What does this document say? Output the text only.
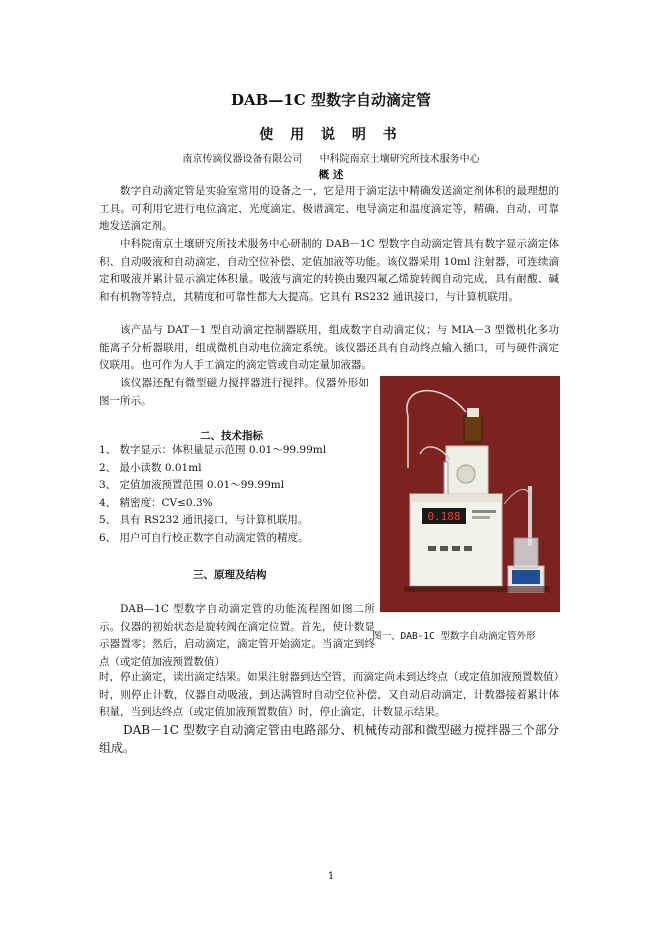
DAB—1C 型数字自动滴定管
使 用 说 明 书
南京传滴仪器设备有限公司 中科院南京土壤研究所技术服务中心
概 述
数字自动滴定管是实验室常用的设备之一，它是用于滴定法中精确发送滴定剂体积的最理想的工具。可利用它进行电位滴定、光度滴定、极谱滴定、电导滴定和温度滴定等，精确、自动、可靠地发送滴定剂。
中科院南京土壤研究所技术服务中心研制的 DAB－1C 型数字自动滴定管具有数字显示滴定体积、自动吸液和自动滴定、自动空位补偿、定值加液等功能。该仪器采用 10ml 注射器，可连续滴定和吸液并累计显示滴定体积量。吸液与滴定的转换由聚四氟乙烯旋转阀自动完成，具有耐酸、碱和有机物等特点，其精度和可靠性都大大提高。它具有 RS232 通讯接口，与计算机联用。
该产品与 DAT－1 型自动滴定控制器联用，组成数字自动滴定仪；与 MIA－3 型微机化多功能离子分析器联用，组成微机自动电位滴定系统。该仪器还具有自动终点输入插口，可与硬件滴定仪联用。也可作为人手工滴定的滴定管或自动定量加液器。
该仪器还配有微型磁力搅拌器进行搅拌。仪器外形如图一所示。
二、技术指标
1、 数字显示：体积量显示范围 0.01～99.99ml
2、 最小读数 0.01ml
3、 定值加液预置范围 0.01～99.99ml
4、 精密度：CV≤0.3%
5、 具有 RS232 通讯接口，与计算机联用。
6、 用户可自行校正数字自动滴定管的精度。
三、原理及结构
DAB—1C 型数字自动滴定管的功能流程图如图二所示。仪器的初始状态是旋转阀在滴定位置。首先，使计数显示器置零；然后，启动滴定，滴定管开始滴定。当滴定到终点（或定值加液预置数值）
时，停止滴定，读出滴定结果。如果注射器到达空管，而滴定尚未到达终点（或定值加液预置数值）时，则停止计数，仪器自动吸液，到达满管时自动空位补偿，又自动启动滴定，计数器接着累计体积量，当到达终点（或定值加液预置数值）时，停止滴定，计数显示结果。
DAB－1C 型数字自动滴定管由电路部分、机械传动部和微型磁力搅拌器三个部分组成。
0.188
图一、DAB-1C 型数字自动滴定管外形
1
